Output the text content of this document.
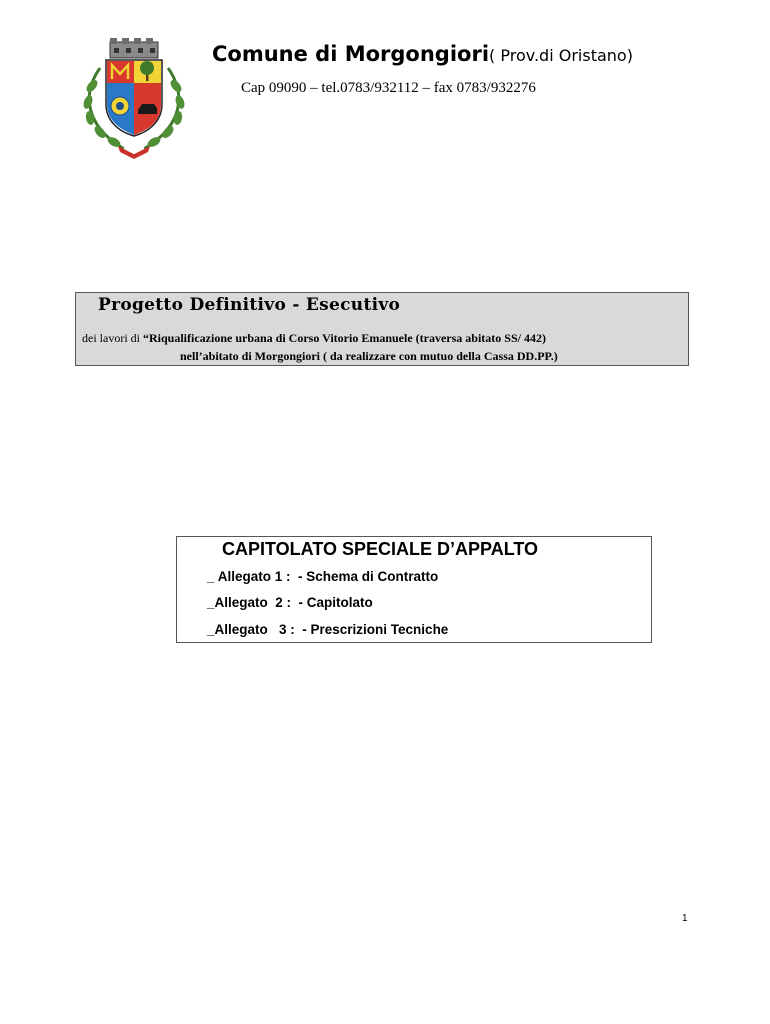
Comune di Morgongiori( Prov.di Oristano)
Cap 09090 – tel.0783/932112 – fax 0783/932276
Progetto Definitivo - Esecutivo
dei lavori di “Riqualificazione urbana di Corso Vitorio Emanuele (traversa abitato SS/ 442)
nell’abitato di Morgongiori ( da realizzare con mutuo della Cassa DD.PP.)
CAPITOLATO SPECIALE D’APPALTO
_ Allegato 1 :  - Schema di Contratto
_Allegato  2 :  - Capitolato
_Allegato   3 :  - Prescrizioni Tecniche
1
